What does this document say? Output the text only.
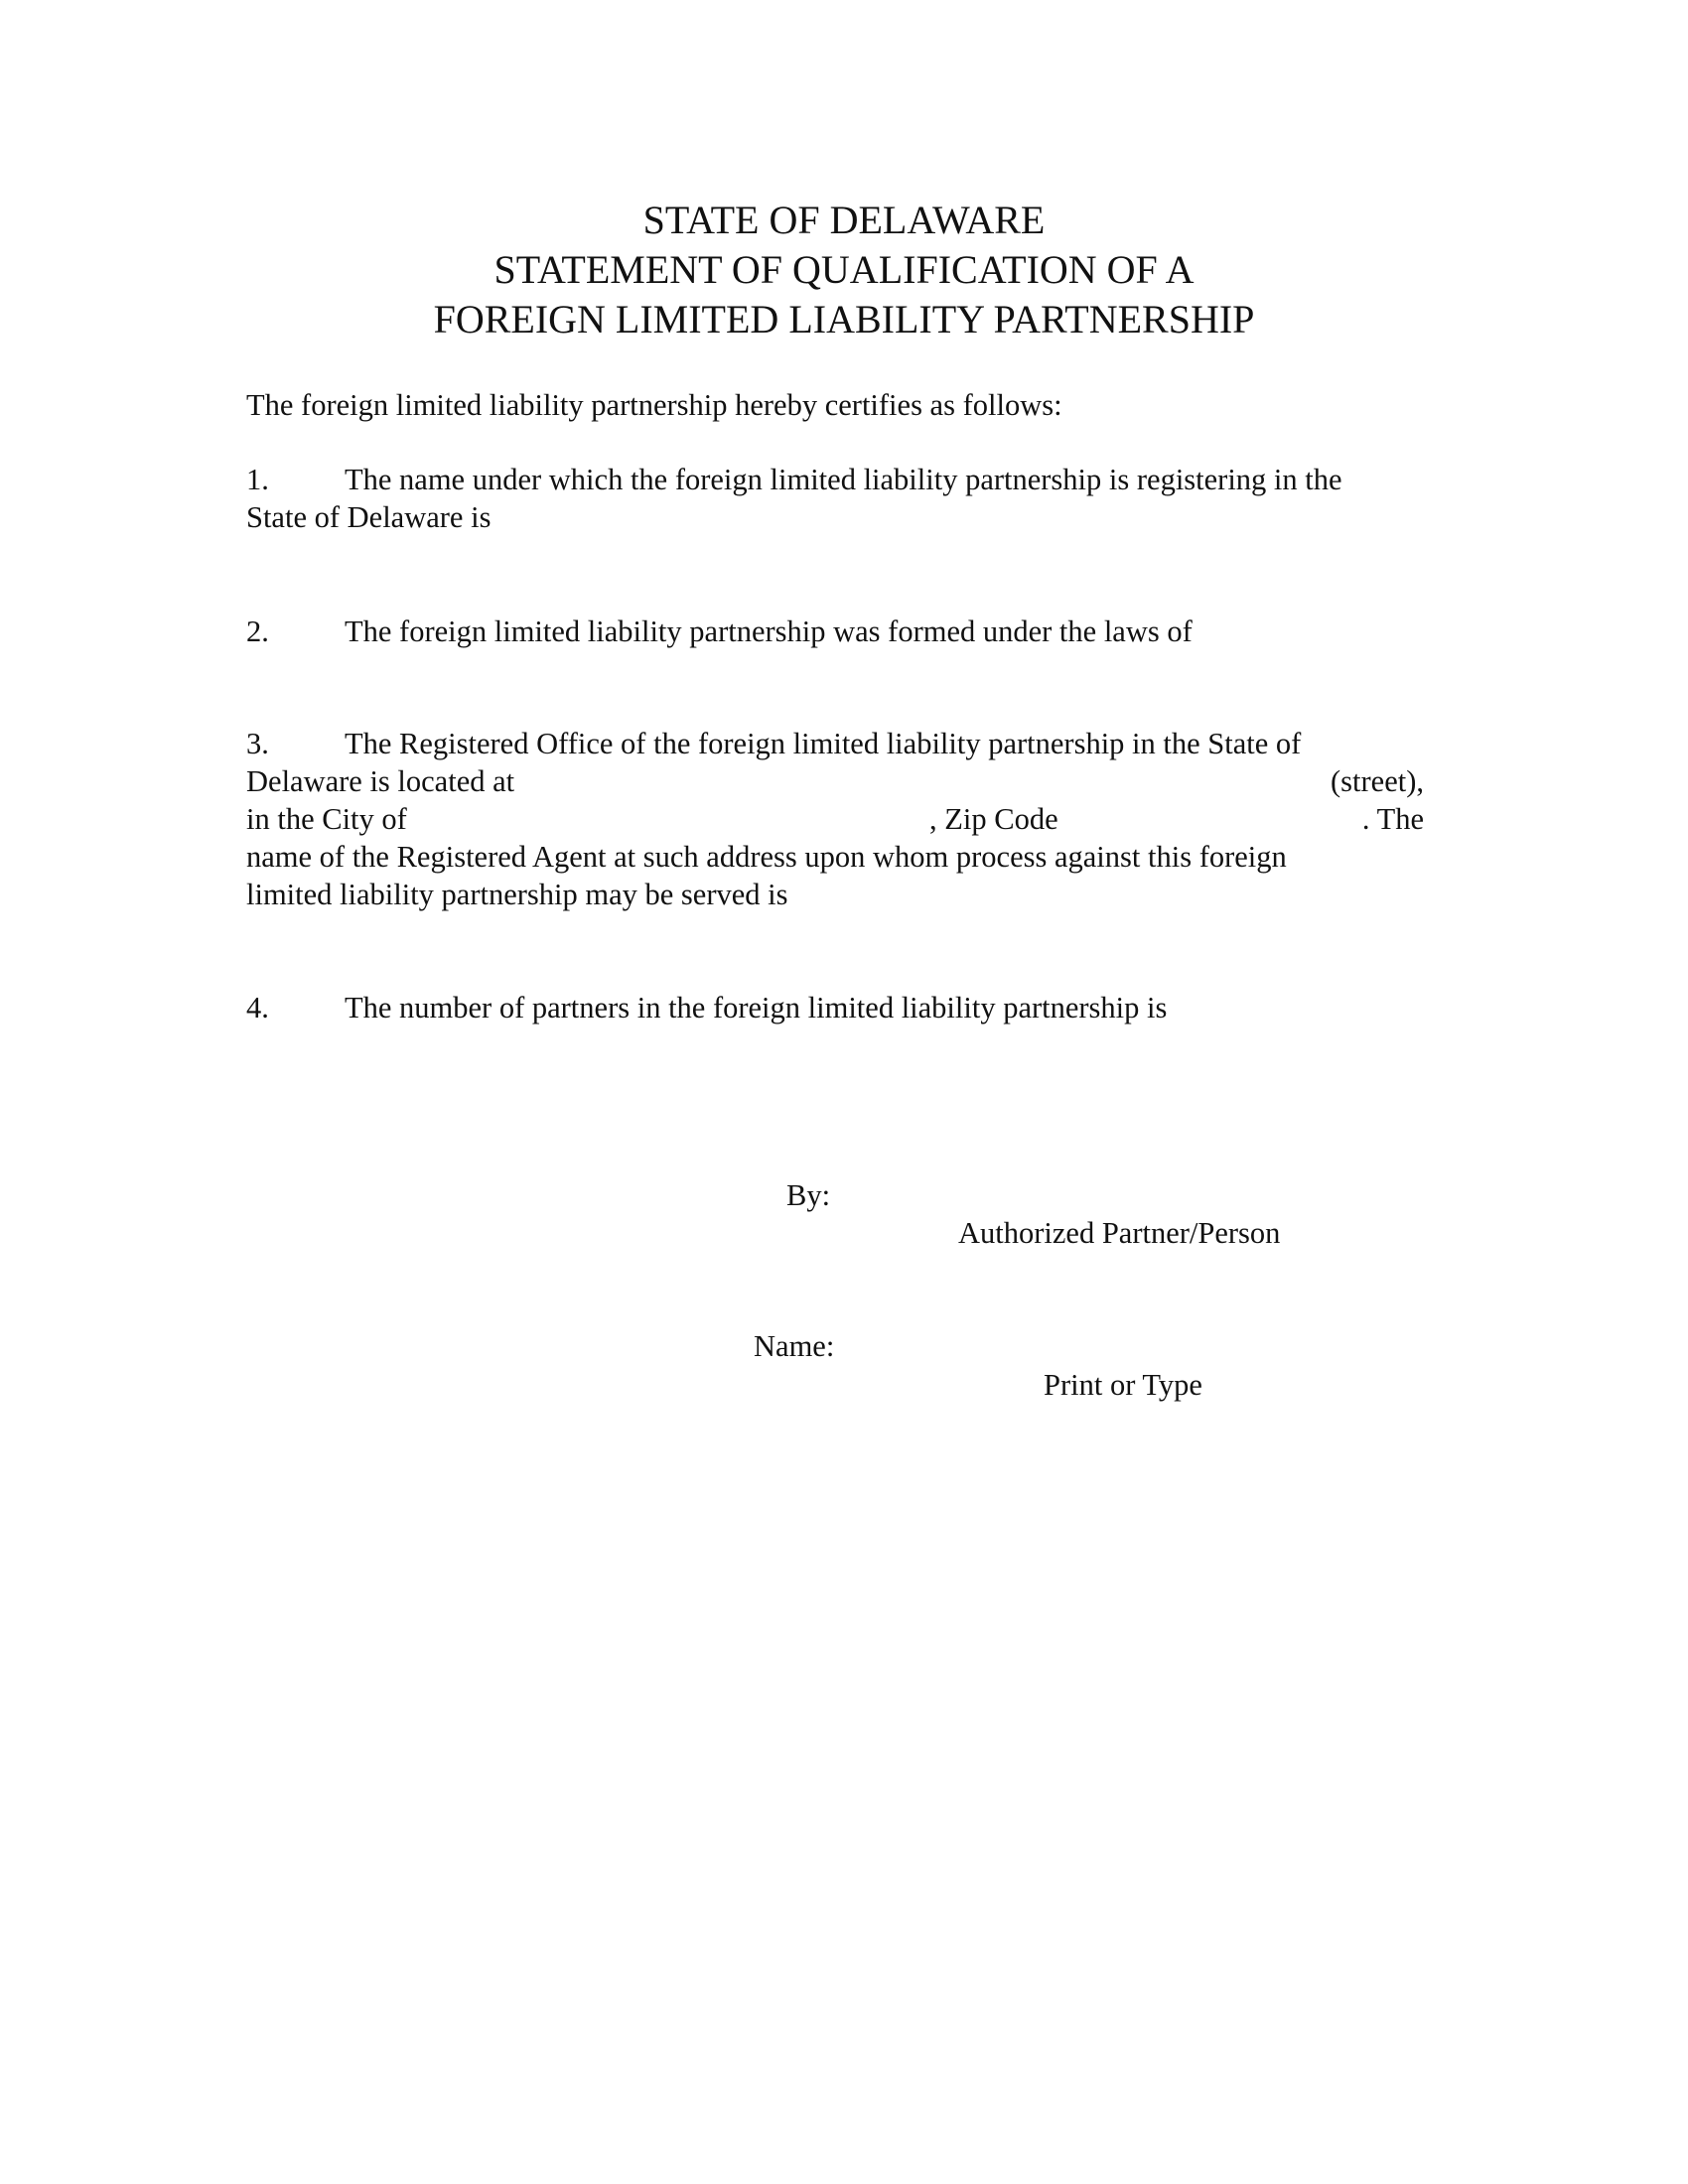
STATE OF DELAWARE
STATEMENT OF QUALIFICATION OF A
FOREIGN LIMITED LIABILITY PARTNERSHIP
The foreign limited liability partnership hereby certifies as follows:
1. The name under which the foreign limited liability partnership is registering in the
State of Delaware is
2. The foreign limited liability partnership was formed under the laws of
3. The Registered Office of the foreign limited liability partnership in the State of
Delaware is located at	(street),
in the City of	, Zip Code	. The
name of the Registered Agent at such address upon whom process against this foreign
limited liability partnership may be served is
4. The number of partners in the foreign limited liability partnership is
By:
Authorized Partner/Person
Name:
Print or Type
